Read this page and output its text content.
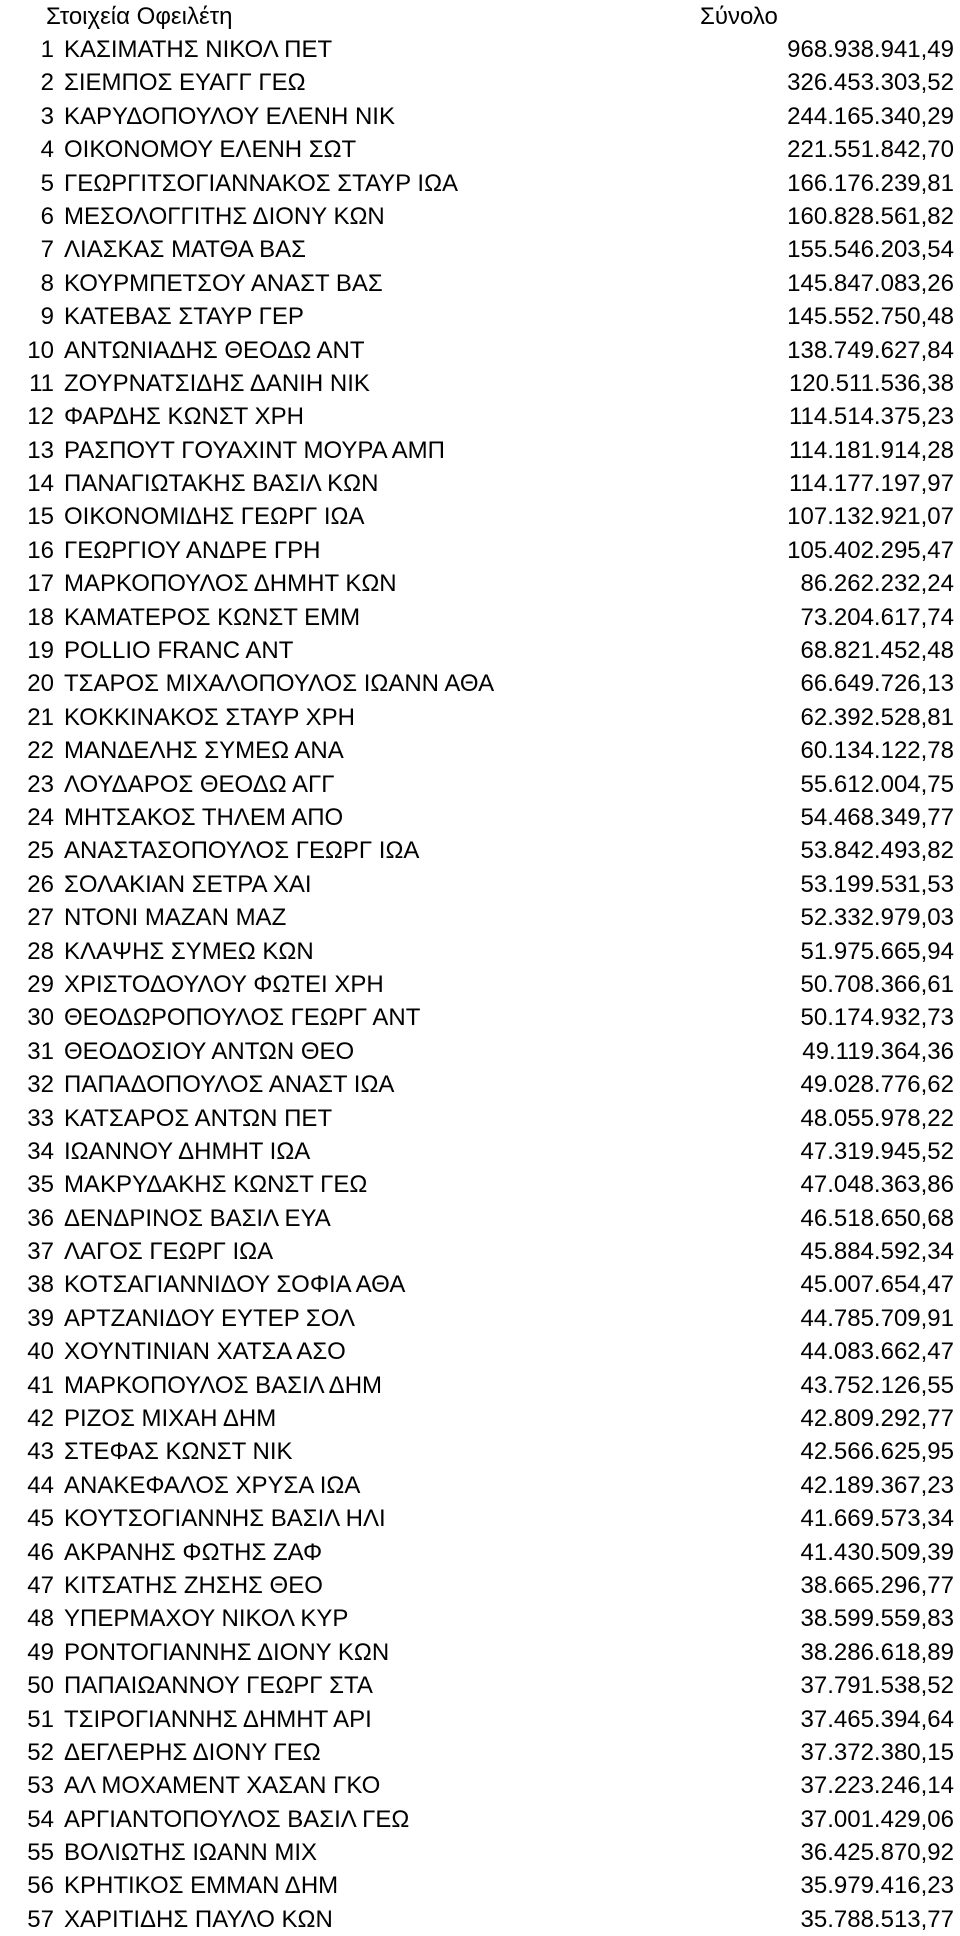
Στοιχεία Οφειλέτη	Σύνολο
1 ΚΑΣΙΜΑΤΗΣ ΝΙΚΟΛ ΠΕΤ	968.938.941,49
2 ΣΙΕΜΠΟΣ ΕΥΑΓΓ ΓΕΩ	326.453.303,52
3 ΚΑΡΥΔΟΠΟΥΛΟΥ ΕΛΕΝΗ ΝΙΚ	244.165.340,29
4 ΟΙΚΟΝΟΜΟΥ ΕΛΕΝΗ ΣΩΤ	221.551.842,70
5 ΓΕΩΡΓΙΤΣΟΓΙΑΝΝΑΚΟΣ ΣΤΑΥΡ ΙΩΑ	166.176.239,81
6 ΜΕΣΟΛΟΓΓΙΤΗΣ ΔΙΟΝΥ ΚΩΝ	160.828.561,82
7 ΛΙΑΣΚΑΣ ΜΑΤΘΑ ΒΑΣ	155.546.203,54
8 ΚΟΥΡΜΠΕΤΣΟΥ ΑΝΑΣΤ ΒΑΣ	145.847.083,26
9 ΚΑΤΕΒΑΣ ΣΤΑΥΡ ΓΕΡ	145.552.750,48
10 ΑΝΤΩΝΙΑΔΗΣ ΘΕΟΔΩ ΑΝΤ	138.749.627,84
11 ΖΟΥΡΝΑΤΣΙΔΗΣ ΔΑΝΙΗ ΝΙΚ	120.511.536,38
12 ΦΑΡΔΗΣ ΚΩΝΣΤ ΧΡΗ	114.514.375,23
13 ΡΑΣΠΟΥΤ ΓΟΥΑΧΙΝΤ ΜΟΥΡΑ ΑΜΠ	114.181.914,28
14 ΠΑΝΑΓΙΩΤΑΚΗΣ ΒΑΣΙΛ ΚΩΝ	114.177.197,97
15 ΟΙΚΟΝΟΜΙΔΗΣ ΓΕΩΡΓ ΙΩΑ	107.132.921,07
16 ΓΕΩΡΓΙΟΥ ΑΝΔΡΕ ΓΡΗ	105.402.295,47
17 ΜΑΡΚΟΠΟΥΛΟΣ ΔΗΜΗΤ ΚΩΝ	86.262.232,24
18 ΚΑΜΑΤΕΡΟΣ ΚΩΝΣΤ ΕΜΜ	73.204.617,74
19 POLLIO FRANC ANT	68.821.452,48
20 ΤΣΑΡΟΣ ΜΙΧΑΛΟΠΟΥΛΟΣ ΙΩΑΝΝ ΑΘΑ	66.649.726,13
21 ΚΟΚΚΙΝΑΚΟΣ ΣΤΑΥΡ ΧΡΗ	62.392.528,81
22 ΜΑΝΔΕΛΗΣ ΣΥΜΕΩ ΑΝΑ	60.134.122,78
23 ΛΟΥΔΑΡΟΣ ΘΕΟΔΩ ΑΓΓ	55.612.004,75
24 ΜΗΤΣΑΚΟΣ ΤΗΛΕΜ ΑΠΟ	54.468.349,77
25 ΑΝΑΣΤΑΣΟΠΟΥΛΟΣ ΓΕΩΡΓ ΙΩΑ	53.842.493,82
26 ΣΟΛΑΚΙΑΝ ΣΕΤΡΑ ΧΑΙ	53.199.531,53
27 ΝΤΟΝΙ ΜΑΖΑΝ ΜΑΖ	52.332.979,03
28 ΚΛΑΨΗΣ ΣΥΜΕΩ ΚΩΝ	51.975.665,94
29 ΧΡΙΣΤΟΔΟΥΛΟΥ ΦΩΤΕΙ ΧΡΗ	50.708.366,61
30 ΘΕΟΔΩΡΟΠΟΥΛΟΣ ΓΕΩΡΓ ΑΝΤ	50.174.932,73
31 ΘΕΟΔΟΣΙΟΥ ΑΝΤΩΝ ΘΕΟ	49.119.364,36
32 ΠΑΠΑΔΟΠΟΥΛΟΣ ΑΝΑΣΤ ΙΩΑ	49.028.776,62
33 ΚΑΤΣΑΡΟΣ ΑΝΤΩΝ ΠΕΤ	48.055.978,22
34 ΙΩΑΝΝΟΥ ΔΗΜΗΤ ΙΩΑ	47.319.945,52
35 ΜΑΚΡΥΔΑΚΗΣ ΚΩΝΣΤ ΓΕΩ	47.048.363,86
36 ΔΕΝΔΡΙΝΟΣ ΒΑΣΙΛ ΕΥΑ	46.518.650,68
37 ΛΑΓΟΣ ΓΕΩΡΓ ΙΩΑ	45.884.592,34
38 ΚΟΤΣΑΓΙΑΝΝΙΔΟΥ ΣΟΦΙΑ ΑΘΑ	45.007.654,47
39 ΑΡΤΖΑΝΙΔΟΥ ΕΥΤΕΡ ΣΟΛ	44.785.709,91
40 ΧΟΥΝΤΙΝΙΑΝ ΧΑΤΣΑ ΑΣΟ	44.083.662,47
41 ΜΑΡΚΟΠΟΥΛΟΣ ΒΑΣΙΛ ΔΗΜ	43.752.126,55
42 ΡΙΖΟΣ ΜΙΧΑΗ ΔΗΜ	42.809.292,77
43 ΣΤΕΦΑΣ ΚΩΝΣΤ ΝΙΚ	42.566.625,95
44 ΑΝΑΚΕΦΑΛΟΣ ΧΡΥΣΑ ΙΩΑ	42.189.367,23
45 ΚΟΥΤΣΟΓΙΑΝΝΗΣ ΒΑΣΙΛ ΗΛΙ	41.669.573,34
46 ΑΚΡΑΝΗΣ ΦΩΤΗΣ ΖΑΦ	41.430.509,39
47 ΚΙΤΣΑΤΗΣ ΖΗΣΗΣ ΘΕΟ	38.665.296,77
48 ΥΠΕΡΜΑΧΟΥ ΝΙΚΟΛ ΚΥΡ	38.599.559,83
49 ΡΟΝΤΟΓΙΑΝΝΗΣ ΔΙΟΝΥ ΚΩΝ	38.286.618,89
50 ΠΑΠΑΙΩΑΝΝΟΥ ΓΕΩΡΓ ΣΤΑ	37.791.538,52
51 ΤΣΙΡΟΓΙΑΝΝΗΣ ΔΗΜΗΤ ΑΡΙ	37.465.394,64
52 ΔΕΓΛΕΡΗΣ ΔΙΟΝΥ ΓΕΩ	37.372.380,15
53 ΑΛ ΜΟΧΑΜΕΝΤ ΧΑΣΑΝ ΓΚΟ	37.223.246,14
54 ΑΡΓΙΑΝΤΟΠΟΥΛΟΣ ΒΑΣΙΛ ΓΕΩ	37.001.429,06
55 ΒΟΛΙΩΤΗΣ ΙΩΑΝΝ ΜΙΧ	36.425.870,92
56 ΚΡΗΤΙΚΟΣ ΕΜΜΑΝ ΔΗΜ	35.979.416,23
57 ΧΑΡΙΤΙΔΗΣ ΠΑΥΛΟ ΚΩΝ	35.788.513,77
